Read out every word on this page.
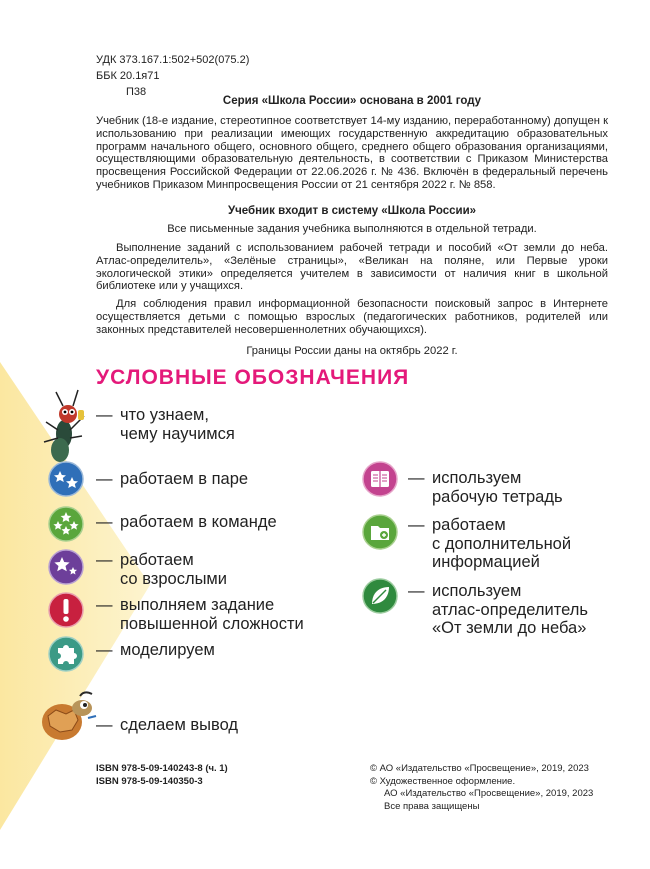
УДК 373.167.1:502+502(075.2)
ББК 20.1я71
П38
Серия «Школа России» основана в 2001 году
Учебник (18-е издание, стереотипное соответствует 14-му изданию, переработанному) допущен к использованию при реализации имеющих государственную аккредитацию образовательных программ начального общего, основного общего, среднего общего образования организациями, осуществляющими образовательную деятельность, в соответствии с Приказом Министерства просвещения Российской Федерации от 22.06.2026 г. № 436. Включён в федеральный перечень учебников Приказом Минпросвещения России от 21 сентября 2022 г. № 858.
Учебник входит в систему «Школа России»
Все письменные задания учебника выполняются в отдельной тетради.
Выполнение заданий с использованием рабочей тетради и пособий «От земли до неба. Атлас-определитель», «Зелёные страницы», «Великан на поляне, или Первые уроки экологической этики» определяется учителем в зависимости от наличия книг в школьной библиотеке или у учащихся.
Для соблюдения правил информационной безопасности поисковый запрос в Интернете осуществляется детьми с помощью взрослых (педагогических работников, родителей или законных представителей несовершеннолетних обучающихся).
Границы России даны на октябрь 2022 г.
УСЛОВНЫЕ ОБОЗНАЧЕНИЯ
— что узнаем,
чему научимся
— работаем в паре
— работаем в команде
— работаем
со взрослыми
— выполняем задание
повышенной сложности
— моделируем
— сделаем вывод
— используем
рабочую тетрадь
— работаем
с дополнительной
информацией
— используем
атлас-определитель
«От земли до неба»
ISBN 978-5-09-140243-8 (ч. 1)
ISBN 978-5-09-140350-3
© АО «Издательство «Просвещение», 2019, 2023
© Художественное оформление.
АО «Издательство «Просвещение», 2019, 2023
Все права защищены
